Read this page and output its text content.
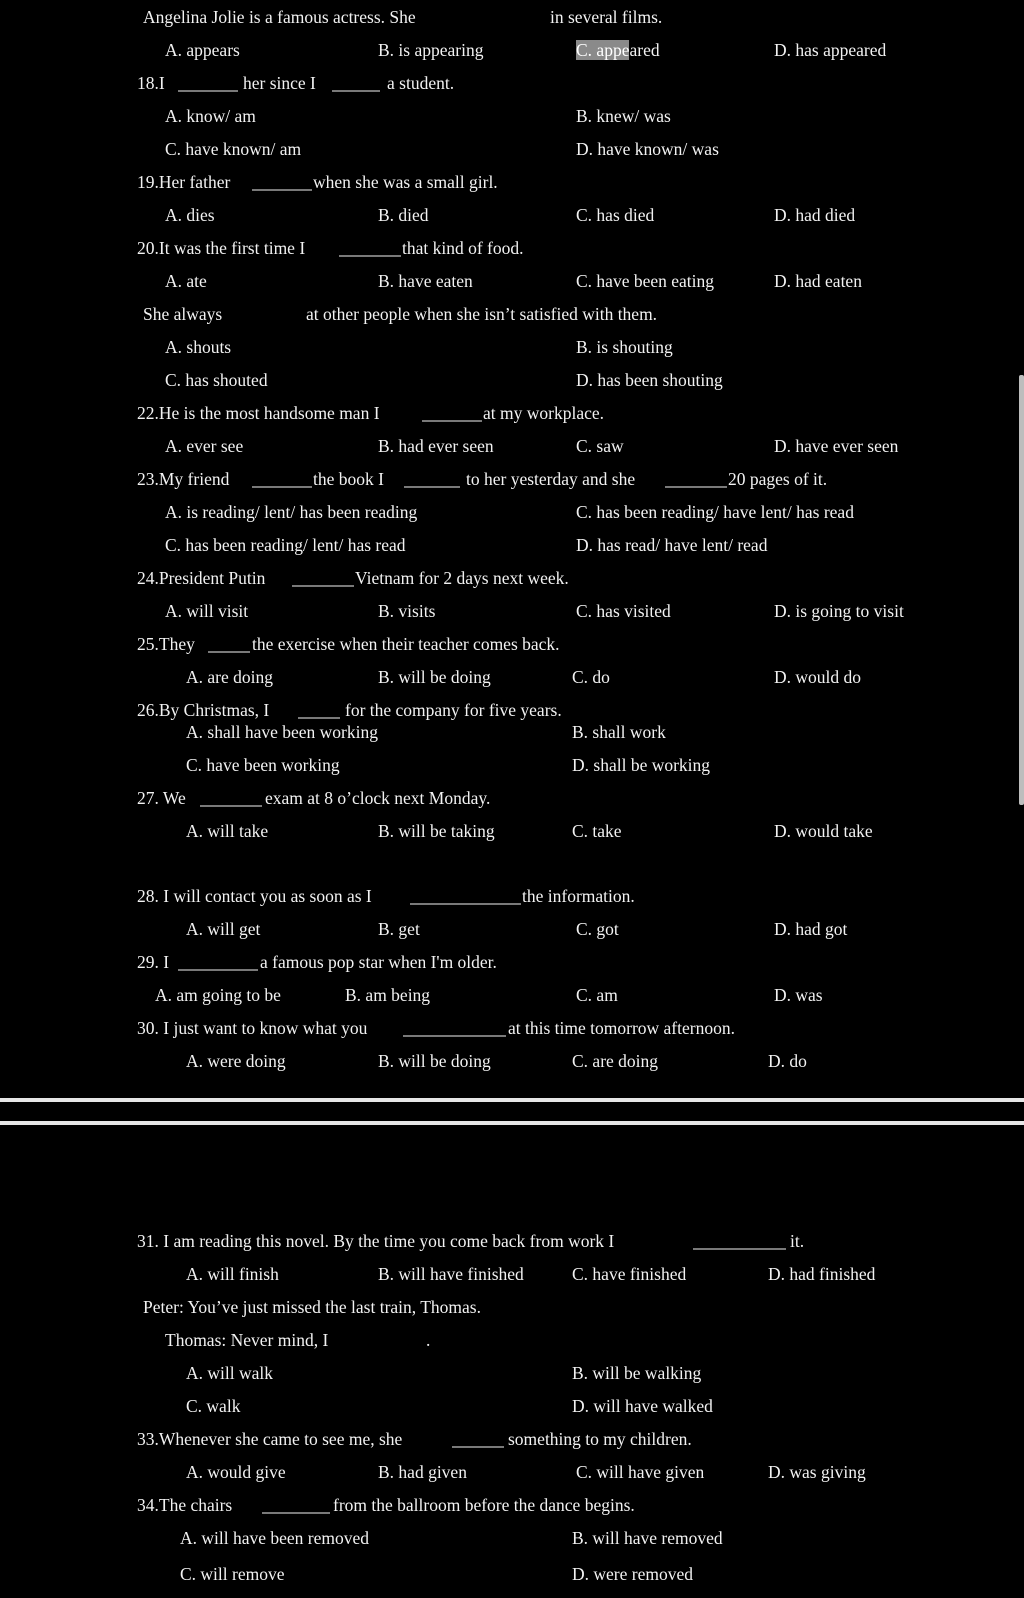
Angelina Jolie is a famous actress. She	in several films.
A. appears	B. is appearing	C. appeared	D. has appeared
18.I	her since I	a student.
A. know/ am	B. knew/ was
C. have known/ am	D. have known/ was
19.Her father	when she was a small girl.
A. dies	B. died	C. has died	D. had died
20.It was the first time I	that kind of food.
A. ate	B. have eaten	C. have been eating	D. had eaten
She always	at other people when she isn’t satisfied with them.
A. shouts	B. is shouting
C. has shouted	D. has been shouting
22.He is the most handsome man I	at my workplace.
A. ever see	B. had ever seen	C. saw	D. have ever seen
23.My friend	the book I	to her yesterday and she	20 pages of it.
A. is reading/ lent/ has been reading	C. has been reading/ have lent/ has read
C. has been reading/ lent/ has read	D. has read/ have lent/ read
24.President Putin	Vietnam for 2 days next week.
A. will visit	B. visits	C. has visited	D. is going to visit
25.They	the exercise when their teacher comes back.
A. are doing	B. will be doing	C. do	D. would do
26.By Christmas, I	for the company for five years.
A. shall have been working	B. shall work
C. have been working	D. shall be working
27. We	exam at 8 o’clock next Monday.
A. will take	B. will be taking	C. take	D. would take
28. I will contact you as soon as I	the information.
A. will get	B. get	C. got	D. had got
29. I	a famous pop star when I'm older.
A. am going to be	B. am being	C. am	D. was
30. I just want to know what you	at this time tomorrow afternoon.
A. were doing	B. will be doing	C. are doing	D. do
31. I am reading this novel. By the time you come back from work I	it.
A. will finish	B. will have finished	C. have finished	D. had finished
Peter: You’ve just missed the last train, Thomas.
Thomas: Never mind, I	.
A. will walk	B. will be walking
C. walk	D. will have walked
33.Whenever she came to see me, she	something to my children.
A. would give	B. had given	C. will have given	D. was giving
34.The chairs	from the ballroom before the dance begins.
A. will have been removed	B. will have removed
C. will remove	D. were removed
